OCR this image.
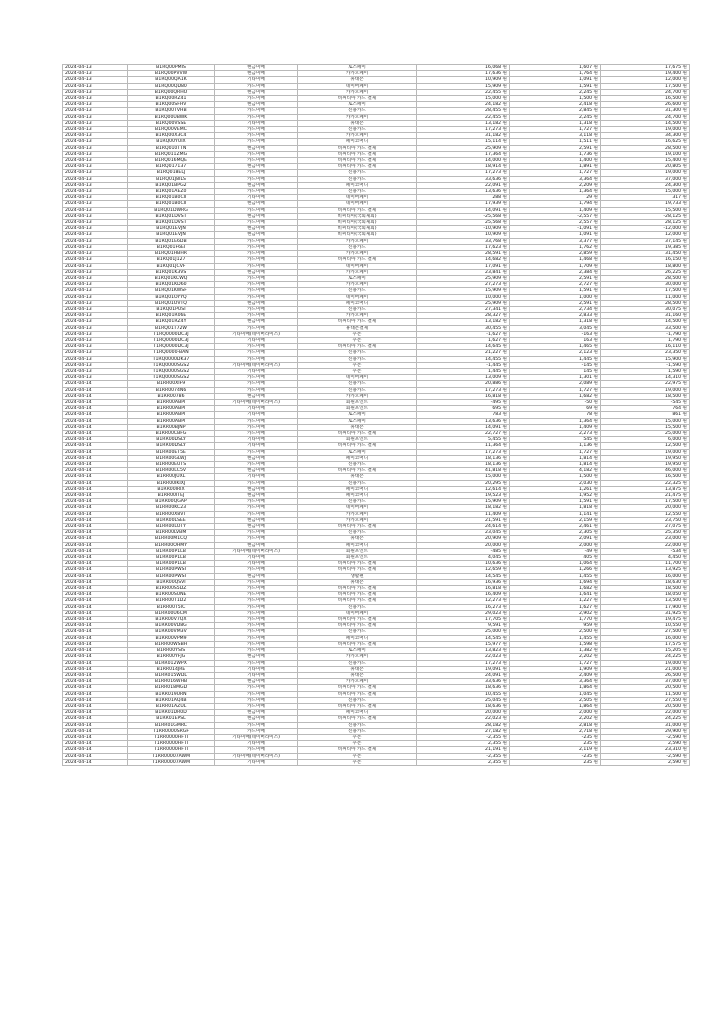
2024-04-13	B1RQ00PMIS	현금미매	토스페이	16,068 원	1,607 원	17,675 원
2024-04-13	B1RQ00PVVW	현금미매	카카오페이	17,636 원	1,764 원	19,400 원
2024-04-13	B1RQ00QA1K	기타미매	휴대폰	10,909 원	1,091 원	12,000 원
2024-04-13	B1RQ00QD80	카드미매	네이버페이	15,909 원	1,591 원	17,500 원
2024-04-13	B1RQ00QRHO	현금미매	카카오페이	22,455 원	2,245 원	24,700 원
2024-04-13	B1RQ00RZ41	카드미매	비씨티아 카드 결제	15,000 원	1,500 원	16,500 원
2024-04-13	B1RQ00SFHV	현금미매	토스페이	24,182 원	2,418 원	26,600 원
2024-04-13	B1RQ00TVHB	카드미매	신용카드	28,455 원	2,845 원	31,300 원
2024-04-13	B1RQ00UBWK	카드미매	카카오페이	22,455 원	2,245 원	24,700 원
2024-04-13	B1RQ00VSSE	기타미매	휴대폰	13,182 원	1,318 원	14,500 원
2024-04-13	B1RQ00VEMC	카드미매	신용카드	17,273 원	1,727 원	19,000 원
2024-04-13	B1RQ00X3C4	카드미매	카카오페이	31,182 원	3,118 원	34,300 원
2024-04-13	B1RQ00YUIX	카드미매	페이코머니	15,114 원	1,511 원	16,625 원
2024-04-13	B1RQ010TTN	현금미매	비씨티아 카드 결제	25,909 원	2,591 원	28,500 원
2024-04-13	B1RQ011ZMG	카드미매	비씨티아 카드 결제	17,364 원	1,736 원	19,100 원
2024-04-13	B1RQ016MQE	카드미매	비씨티아 카드 결제	14,000 원	1,400 원	15,400 원
2024-04-13	B1RQ017137	현금미매	비씨티아 카드 결제	18,914 원	1,891 원	20,805 원
2024-04-13	B1RQ018ELJ	카드미매	신용카드	17,273 원	1,727 원	19,000 원
2024-04-13	B1RQ01J8ILS	카드미매	신용카드	33,636 원	3,364 원	37,000 원
2024-04-13	B1RQ01BPG2	현금미매	페이코머니	22,091 원	2,209 원	24,300 원
2024-04-13	B1RQ01AEZ0	카드미매	신용카드	13,636 원	1,364 원	15,000 원
2024-04-13	B1RQ01B0CII	기타미매	네이버페이	288 원	29 원	317 원
2024-04-13	B1RQ01B0CII	현금미매	네이버페이	17,939 원	1,794 원	19,733 원
2024-04-13	B1RQ01DWRG	카드미매	비씨티아 카드 결제	14,091 원	1,409 원	15,500 원
2024-04-13	B1RQ01DVST	현금미매	비씨티아(국외제외)	-25,568 원	-2,557 원	-28,125 원
2024-04-13	B1RQ01DVST	카드미매	비씨티아(국외제외)	25,568 원	2,557 원	28,125 원
2024-04-13	B1RQ01EVJN	현금미매	비씨티아(국외제외)	-10,909 원	-1,091 원	-12,000 원
2024-04-13	B1RQ01EVJN	현금미매	비씨티아(국외제외)	10,909 원	1,091 원	12,000 원
2024-04-13	B1RQ01E6DB	카드미매	카카오페이	33,768 원	3,377 원	37,145 원
2024-04-13	B1RQ01F6EI	카드미매	신용카드	17,623 원	1,762 원	19,385 원
2024-04-13	B1RQ01HBHR	카드미매	카카오페이	28,591 원	2,859 원	31,450 원
2024-04-13	B1RQ01J127	카드미매	비씨티아 카드 결제	14,682 원	1,468 원	16,150 원
2024-04-13	B1RQ01JCVF	카드미매	네이버페이	17,091 원	1,709 원	18,800 원
2024-04-13	B1RQ01K3VS	현금미매	카카오페이	23,841 원	2,384 원	26,225 원
2024-04-13	B1RQ01KCWQ	카드미매	토스페이	25,909 원	2,591 원	28,500 원
2024-04-13	B1RQ01KD60	카드미매	카카오페이	27,273 원	2,727 원	30,000 원
2024-04-13	B1RQ01KWSF	카드미매	신용카드	15,909 원	1,591 원	17,500 원
2024-04-13	B1RQ01OYYQ	카드미매	네이버페이	10,000 원	1,000 원	11,000 원
2024-04-13	B1RQ01OVTQ	현금미매	페이코머니	25,909 원	2,591 원	28,500 원
2024-04-13	B1RQ01PUSI	카드미매	신용카드	27,341 원	2,734 원	30,075 원
2024-04-13	B1RQ01R06E	카드미매	카카오페이	28,327 원	2,833 원	31,160 원
2024-04-13	B1RQ01RZ4Y	현금미매	비씨티아 카드 결제	13,182 원	1,318 원	14,500 원
2024-04-13	B1RQ01T72W	카드미매	휴대폰결제	30,455 원	3,045 원	33,500 원
2024-04-13	T1RQ0000DC3J	기타미매(네이버라이스)	쿠폰	-1,627 원	-163 원	-1,790 원
2024-04-13	T1RQ0000DC3J	기타미매	쿠폰	1,627 원	163 원	1,790 원
2024-04-13	T1RQ0000DC3J	카드미매	비씨티아 카드 결제	14,645 원	1,465 원	16,110 원
2024-04-13	T1RQ0000-BAN	카드미매	신용카드	21,227 원	2,123 원	23,350 원
2024-04-13	T1RQ0000DK37	카드미매	신용카드	14,455 원	1,445 원	15,900 원
2024-04-13	T1RQ0000SGS2	기타미매(네이버라이스)	쿠폰	-1,445 원	-145 원	-1,590 원
2024-04-13	T1RQ0000SGS2	기타미매	쿠폰	1,445 원	145 원	1,590 원
2024-04-13	T1RQ0000SGS2	카드미매	네이버페이	13,009 원	1,301 원	14,310 원
2024-04-14	B1RR00XIF9	카드미매	신용카드	20,886 원	2,089 원	22,975 원
2024-04-14	B1RR0074N6	카드미매	신용카드	17,273 원	1,727 원	19,000 원
2024-04-14	B1RR00786	현금미매	카카오페이	16,818 원	1,682 원	18,500 원
2024-04-14	B1RR00ABPI	기타미매(네이버라이스)	회원포인트	-495 원	-50 원	-545 원
2024-04-14	B1RR00ABPI	기타미매	회원포인트	695 원	69 원	764 원
2024-04-14	B1RR00ABPI	기타미매	토스페이	783 원	78 원	861 원
2024-04-14	B1RR00ABPI	카드미매	토스페이	13,636 원	1,364 원	15,000 원
2024-04-14	B1RR00BJNP	카드미매	휴대폰	14,091 원	1,409 원	15,500 원
2024-04-14	B1RR00CBFG	카드미매	비씨티아 카드 결제	22,727 원	2,273 원	25,000 원
2024-04-14	B1RR00DSLY	기타미매	회원포인트	5,455 원	545 원	6,000 원
2024-04-14	B1RR00DSLY	기타미매	비씨티아 카드 결제	11,364 원	1,136 원	12,500 원
2024-04-14	B1RR00ET5E	카드미매	토스페이	17,273 원	1,727 원	19,000 원
2024-04-14	B1RR00GLWJ	현금미매	페이코머니	18,136 원	1,814 원	19,950 원
2024-04-14	B1RR00EUTS	카드미매	신용카드	18,136 원	1,814 원	19,950 원
2024-04-14	B1RR00LC5V	현금미매	비씨티아 카드 결제	41,818 원	4,182 원	46,000 원
2024-04-14	B1RR00JUXL	기타미매	휴대폰	15,000 원	1,500 원	16,500 원
2024-04-14	B1RR00IKIXJ	카드미매	신용카드	20,295 원	2,030 원	22,325 원
2024-04-14	B1RR00IRIX	현금미매	페이코머니	12,614 원	1,261 원	13,875 원
2024-04-14	B1RR00ITEJ	현금미매	페이코머니	19,523 원	1,952 원	21,475 원
2024-04-14	B1RR00QGAP	카드미매	신용카드	15,909 원	1,591 원	17,500 원
2024-04-14	B1RR00KC23	카드미매	네이버페이	18,182 원	1,818 원	20,000 원
2024-04-14	B1RR00X8VT	카드미매	카카오페이	11,409 원	1,141 원	12,550 원
2024-04-14	B1RR00LSEE	현금미매	카카오페이	21,591 원	2,159 원	23,750 원
2024-04-14	B1RR00LOTY	현금미매	비씨티아 카드 결제	24,614 원	2,461 원	27,075 원
2024-04-14	B1RR00LVBM	카드미매	신용카드	23,045 원	2,305 원	25,350 원
2024-04-14	B1RR00M1CQ	카드미매	휴대폰	20,909 원	2,091 원	23,000 원
2024-04-14	B1RR00OHMY	현금미매	페이코머니	20,000 원	2,000 원	22,000 원
2024-04-14	B1RR00P1LB	기타미매(네이버라이스)	회원포인트	-485 원	-49 원	-534 원
2024-04-14	B1RR00P1LB	기타미매	회원포인트	4,045 원	405 원	4,450 원
2024-04-14	B1RR00P1LB	기타미매	비씨티아 카드 결제	10,636 원	1,064 원	11,700 원
2024-04-14	B1RR00PWSI	카드미매	비씨티아 카드 결제	12,659 원	1,266 원	13,925 원
2024-04-14	B1RR00PWSI	현금미매	생활편	14,545 원	1,455 원	16,000 원
2024-04-14	B1RR00QSVI	카드미매	휴대폰	16,936 원	1,694 원	18,630 원
2024-04-14	B1RR00S5DZ	카드미매	비씨티아 카드 결제	16,818 원	1,682 원	18,500 원
2024-04-14	B1RR00SUNE	카드미매	비씨티아 카드 결제	16,409 원	1,641 원	18,050 원
2024-04-14	B1RR00T1D2	카드미매	비씨티아 카드 결제	12,273 원	1,227 원	13,500 원
2024-04-14	B1RR00T5IC	카드미매	신용카드	16,273 원	1,627 원	17,900 원
2024-04-14	B1RR00U6CM	카드미매	네이버페이	29,023 원	2,902 원	31,925 원
2024-04-14	B1RR00V7QX	카드미매	비씨티아 카드 결제	17,705 원	1,770 원	19,475 원
2024-04-14	B1RR00VD8G	카드미매	비씨티아 카드 결제	9,591 원	959 원	10,550 원
2024-04-14	B1RR00VM3V	카드미매	신용카드	25,000 원	2,500 원	27,500 원
2024-04-14	B1RR00VPM9	카드미매	페이코머니	14,545 원	1,455 원	16,000 원
2024-04-14	B1RR00WSBH	카드미매	비씨티아 카드 결제	15,977 원	1,598 원	17,575 원
2024-04-14	B1RR00YSIS	카드미매	토스페이	13,823 원	1,382 원	15,205 원
2024-04-14	B1RR00YFJG	현금미매	카카오페이	22,023 원	2,202 원	24,225 원
2024-04-14	B1RR012WPX	카드미매	신용카드	17,273 원	1,727 원	19,000 원
2024-04-14	B1RR014JRE	기타미매	휴대폰	19,091 원	1,909 원	21,000 원
2024-04-14	B1RR015WDL	기타미매	휴대폰	24,091 원	2,409 원	26,500 원
2024-04-14	B1RR016WHB	현금미매	카카오페이	33,636 원	3,364 원	37,000 원
2024-04-14	B1RR018MGD	카드미매	비씨티아 카드 결제	18,636 원	1,864 원	20,500 원
2024-04-14	B1RR019URN	카드미매	비씨티아 카드 결제	10,455 원	1,045 원	11,500 원
2024-04-14	B1RR01AQ4B	카드미매	신용카드	25,045 원	2,505 원	27,550 원
2024-04-14	B1RR01AZUL	카드미매	비씨티아 카드 결제	18,636 원	1,864 원	20,500 원
2024-04-14	B1RR01DR0D	현금미매	페이코머니	20,000 원	2,000 원	22,000 원
2024-04-14	B1RR01EPSL	현금미매	비씨티아 카드 결제	22,023 원	2,202 원	24,225 원
2024-04-14	B1RR01GMRC	카드미매	신용카드	28,182 원	2,818 원	31,000 원
2024-04-14	T1RR0000SRGF	카드미매	신용카드	27,182 원	2,718 원	29,900 원
2024-04-14	T1RR0000HFTI	기타미매(네이버라이스)	쿠폰	-2,355 원	-235 원	-2,590 원
2024-04-14	T1RR0000HFTI	기타미매	쿠폰	2,355 원	235 원	2,590 원
2024-04-14	T1RR0000HFTI	카드미매	비씨티아 카드 결제	21,191 원	2,119 원	23,310 원
2024-04-14	T1RR00007AWM	기타미매(네이버라이스)	쿠폰	-2,355 원	-235 원	-2,590 원
2024-04-14	T1RR00007AWM	기타미매	쿠폰	2,355 원	235 원	2,590 원
